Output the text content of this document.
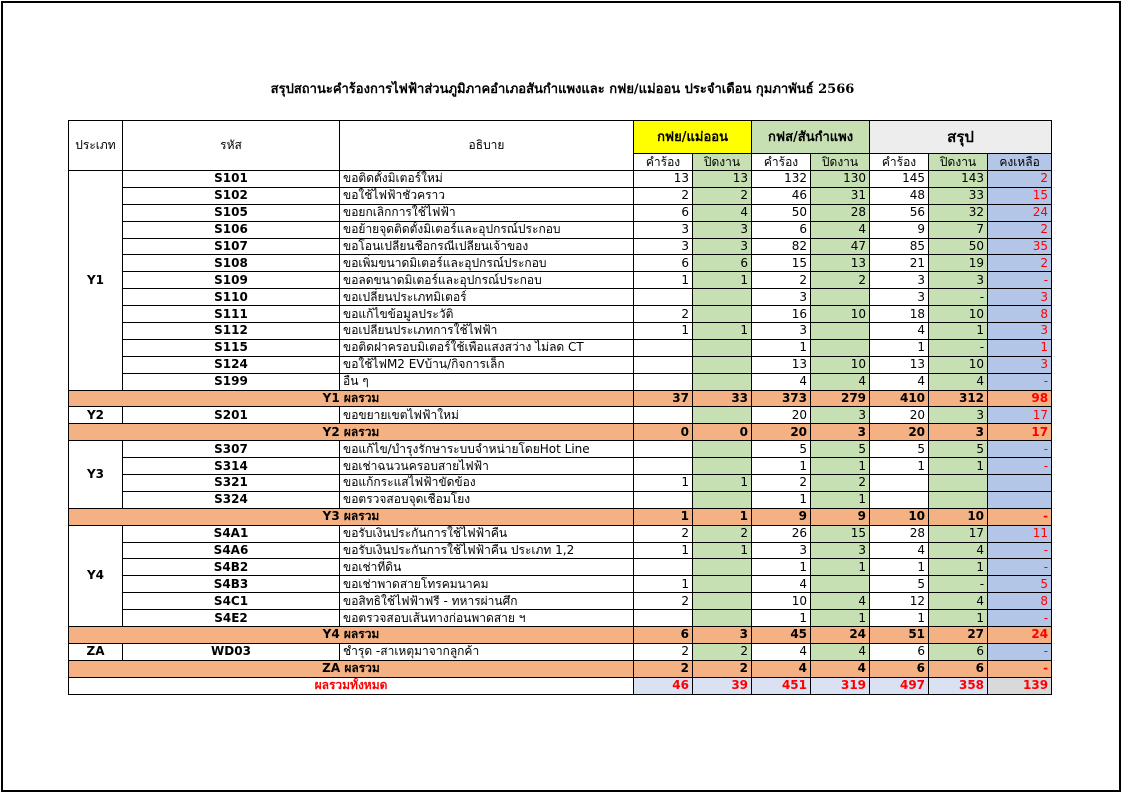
สรุปสถานะคำร้องการไฟฟ้าส่วนภูมิภาคอำเภอสันกำแพงและ กฟย/แม่ออน ประจำเดือน กุมภาพันธ์ 2566
ประเภท	รหัส	อธิบาย	กฟย/แม่ออน		กฟส/สันกำแพง		สรุป		
			คำร้อง	ปิดงาน	คำร้อง	ปิดงาน	คำร้อง	ปิดงาน	คงเหลือ
Y1	S101	ขอติดตั้งมิเตอร์ใหม่	13	13	132	130	145	143	2
	S102	ขอใช้ไฟฟ้าชั่วคราว	2	2	46	31	48	33	15
	S105	ขอยกเลิกการใช้ไฟฟ้า	6	4	50	28	56	32	24
	S106	ขอย้ายจุดติดตั้งมิเตอร์และอุปกรณ์ประกอบ	3	3	6	4	9	7	2
	S107	ขอโอนเปลี่ยนชื่อกรณีเปลี่ยนเจ้าของ	3	3	82	47	85	50	35
	S108	ขอเพิ่มขนาดมิเตอร์และอุปกรณ์ประกอบ	6	6	15	13	21	19	2
	S109	ขอลดขนาดมิเตอร์และอุปกรณ์ประกอบ	1	1	2	2	3	3	-
	S110	ขอเปลี่ยนประเภทมิเตอร์			3		3	-	3
	S111	ขอแก้ไขข้อมูลประวัติ	2		16	10	18	10	8
	S112	ขอเปลี่ยนประเภทการใช้ไฟฟ้า	1	1	3		4	1	3
	S115	ขอติดฝาครอบมิเตอร์ใช้เพื่อแสงสว่าง ไม่ลด CT			1		1	-	1
	S124	ขอใช้ไฟM2 EVบ้าน/กิจการเล็ก			13	10	13	10	3
	S199	อื่น ๆ			4	4	4	4	-
Y1 ผลรวม			37	33	373	279	410	312	98
Y2	S201	ขอขยายเขตไฟฟ้าใหม่			20	3	20	3	17
Y2 ผลรวม			0	0	20	3	20	3	17
Y3	S307	ขอแก้ไข/บำรุงรักษาระบบจำหน่ายโดยHot Line			5	5	5	5	-
	S314	ขอเช่าฉนวนครอบสายไฟฟ้า			1	1	1	1	-
	S321	ขอแก้กระแสไฟฟ้าขัดข้อง	1	1	2	2			
	S324	ขอตรวจสอบจุดเชื่อมโยง			1	1			
Y3 ผลรวม			1	1	9	9	10	10	-
Y4	S4A1	ขอรับเงินประกันการใช้ไฟฟ้าคืน	2	2	26	15	28	17	11
	S4A6	ขอรับเงินประกันการใช้ไฟฟ้าคืน ประเภท 1,2	1	1	3	3	4	4	-
	S4B2	ขอเช่าที่ดิน			1	1	1	1	-
	S4B3	ขอเช่าพาดสายโทรคมนาคม	1		4		5	-	5
	S4C1	ขอสิทธิใช้ไฟฟ้าฟรี - ทหารผ่านศึก	2		10	4	12	4	8
	S4E2	ขอตรวจสอบเส้นทางก่อนพาดสาย ฯ			1	1	1	1	-
Y4 ผลรวม			6	3	45	24	51	27	24
ZA	WD03	ชำรุด -สาเหตุมาจากลูกค้า	2	2	4	4	6	6	-
ZA ผลรวม			2	2	4	4	6	6	-
ผลรวมทั้งหมด			46	39	451	319	497	358	139
